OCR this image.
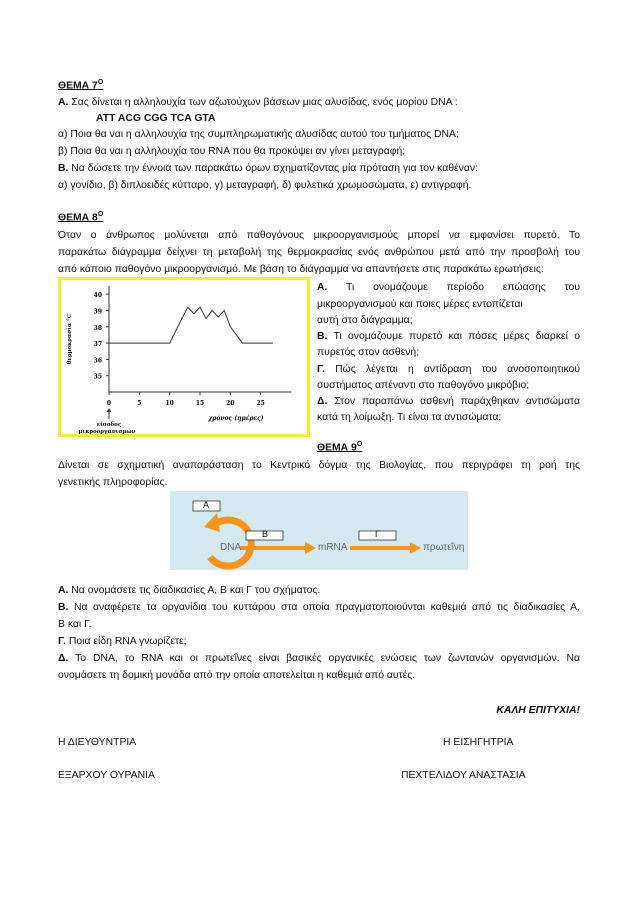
ΘΕΜΑ $7^O$
Α. Σας δίνεται η αλληλουχία των αζωτούχων βάσεων μιας αλυσίδας, ενός μορίου DNA :
ATT ACG CGG TCA GTA
α) Ποια θα ναι η αλληλουχία της συμπληρωματικής αλυσίδας αυτού του τμήματος DNA;
β) Ποια θα ναι η αλληλουχία του RNA που θα προκύψει αν γίνει μεταγραφή;
Β. Να δώσετε την έννοια των παρακάτω όρων σχηματίζοντας μία πρόταση για τον καθέναν:
α) γονίδιο, β) διπλοειδές κύτταρο, γ) μεταγραφή, δ) φυλετικά χρωμοσώματα, ε) αντιγραφή.
ΘΕΜΑ $8^O$
Όταν ο άνθρωπος μολύνεται από παθογόνους μικροοργανισμούς μπορεί να εμφανίσει πυρετό. Το
παρακάτω διάγραμμα δείχνει τη μεταβολή της θερμοκρασίας ενός ανθρώπου μετά από την προσβολή του
από κάποιο παθογόνο μικροοργανισμό. Με βάση το διάγραμμα να απαντήσετε στις παρακάτω ερωτήσεις:
35
36
37
38
39
40
0	5	10	15	20	25
θερμοκρασία °C
χρόνος (ημέρες)
είσοδος
μικροοργανισμών
Α. Τι ονομάζουμε περίοδο επώασης του
μικροοργανισμού και ποιες μέρες εντοπίζεται
αυτή στο διάγραμμα;
Β. Τι ονομάζουμε πυρετό και πόσες μέρες διαρκεί ο
πυρετός στον ασθενή;
Γ. Πώς λέγεται η αντίδραση του ανοσοποιητικού
συστήματος απέναντι στο παθογόνο μικρόβιο;
Δ. Στον παραπάνω ασθενή παράχθηκαν αντισώματα
κατά τη λοίμωξη. Τι είναι τα αντισώματα;
ΘΕΜΑ $9^O$
Δίνεται σε σχηματική αναπαράσταση το Κεντρικό δόγμα της Βιολογίας, που περιγράφει τη ροή της
γενετικής πληροφορίας.
Α
Β	Γ
DNA	mRNA	πρωτεΐνη
Α. Να ονομάσετε τις διαδικασίες Α, Β και Γ του σχήματος.
Β. Να αναφέρετε τα οργανίδια του κυττάρου στα οποία πραγματοποιούνται καθεμιά από τις διαδικασίες Α,
Β και Γ.
Γ. Ποια είδη RNA γνωρίζετε;
Δ. Το DNA, το RNA και οι πρωτεΐνες είναι βασικές οργανικές ενώσεις των ζωντανών οργανισμών. Να
ονομάσετε τη δομική μονάδα από την οποία αποτελείται η καθεμιά από αυτές.
ΚΑΛΗ ΕΠΙΤΥΧΙΑ!
Η ΔΙΕΥΘΥΝΤΡΙΑ	Η ΕΙΣΗΓΗΤΡΙΑ
ΕΞΑΡΧΟΥ ΟΥΡΑΝΙΑ	ΠΕΧΤΕΛΙΔΟΥ ΑΝΑΣΤΑΣΙΑ
